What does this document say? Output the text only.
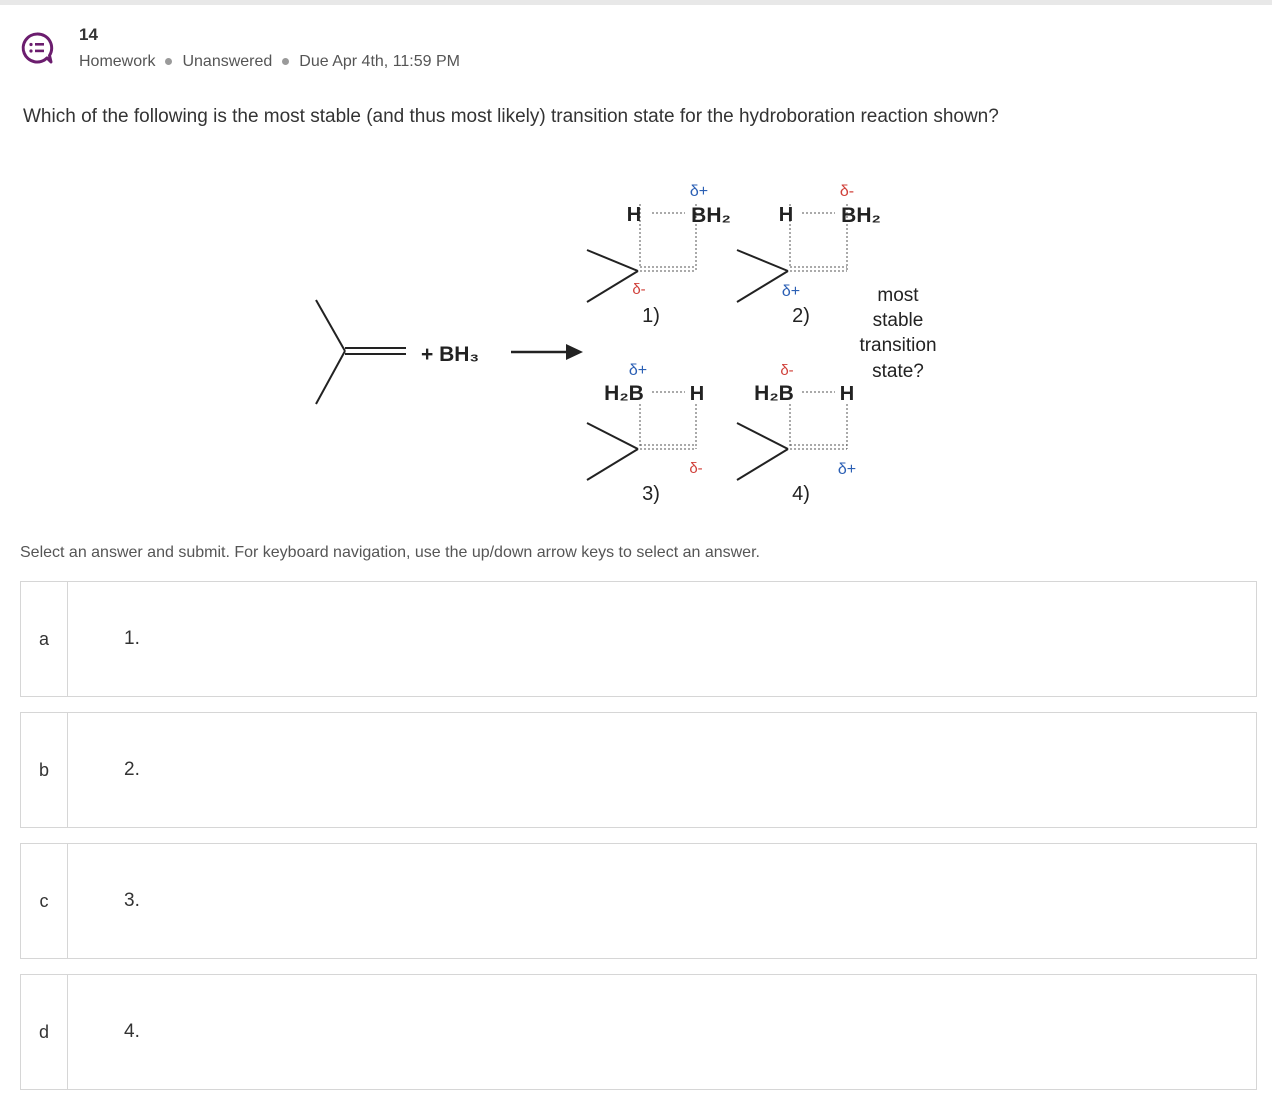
14
Homework Unanswered Due Apr 4th, 11:59 PM
Which of the following is the most stable (and thus most likely) transition state for the hydroboration reaction shown?
+ BH₃
H BH₂
δ+
δ-
1)
H BH₂
δ-
δ+
2)
H₂B H
δ+
δ-
3)
H₂B H
δ-
δ+
4)
most
stable
transition
state?
Select an answer and submit. For keyboard navigation, use the up/down arrow keys to select an answer.
a	1.
b	2.
c	3.
d	4.
